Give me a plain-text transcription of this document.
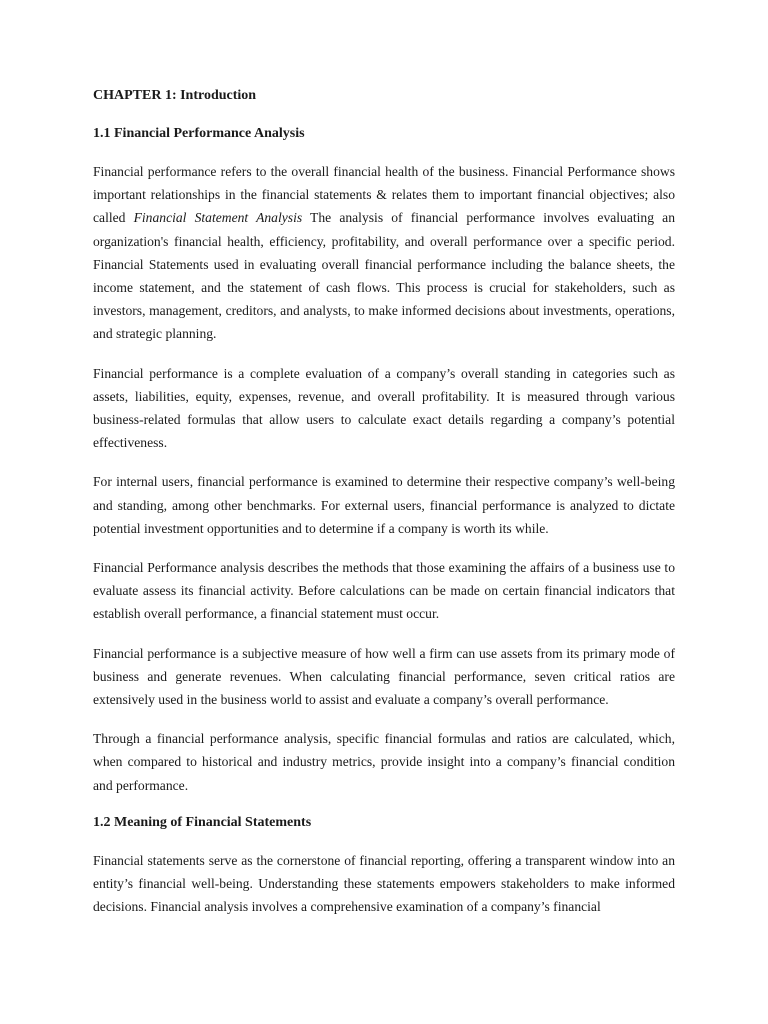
CHAPTER 1: Introduction
1.1 Financial Performance Analysis

Financial performance refers to the overall financial health of the business. Financial Performance shows important relationships in the financial statements & relates them to important financial objectives; also called Financial Statement Analysis The analysis of financial performance involves evaluating an organization's financial health, efficiency, profitability, and overall performance over a specific period. Financial Statements used in evaluating overall financial performance including the balance sheets, the income statement, and the statement of cash flows. This process is crucial for stakeholders, such as investors, management, creditors, and analysts, to make informed decisions about investments, operations, and strategic planning.

Financial performance is a complete evaluation of a company’s overall standing in categories such as assets, liabilities, equity, expenses, revenue, and overall profitability. It is measured through various business-related formulas that allow users to calculate exact details regarding a company’s potential effectiveness.

For internal users, financial performance is examined to determine their respective company’s well-being and standing, among other benchmarks. For external users, financial performance is analyzed to dictate potential investment opportunities and to determine if a company is worth its while.

Financial Performance analysis describes the methods that those examining the affairs of a business use to evaluate assess its financial activity. Before calculations can be made on certain financial indicators that establish overall performance, a financial statement must occur.

Financial performance is a subjective measure of how well a firm can use assets from its primary mode of business and generate revenues. When calculating financial performance, seven critical ratios are extensively used in the business world to assist and evaluate a company’s overall performance.

Through a financial performance analysis, specific financial formulas and ratios are calculated, which, when compared to historical and industry metrics, provide insight into a company’s financial condition and performance.

1.2 Meaning of Financial Statements

Financial statements serve as the cornerstone of financial reporting, offering a transparent window into an entity’s financial well-being. Understanding these statements empowers stakeholders to make informed decisions. Financial analysis involves a comprehensive examination of a company’s financial
